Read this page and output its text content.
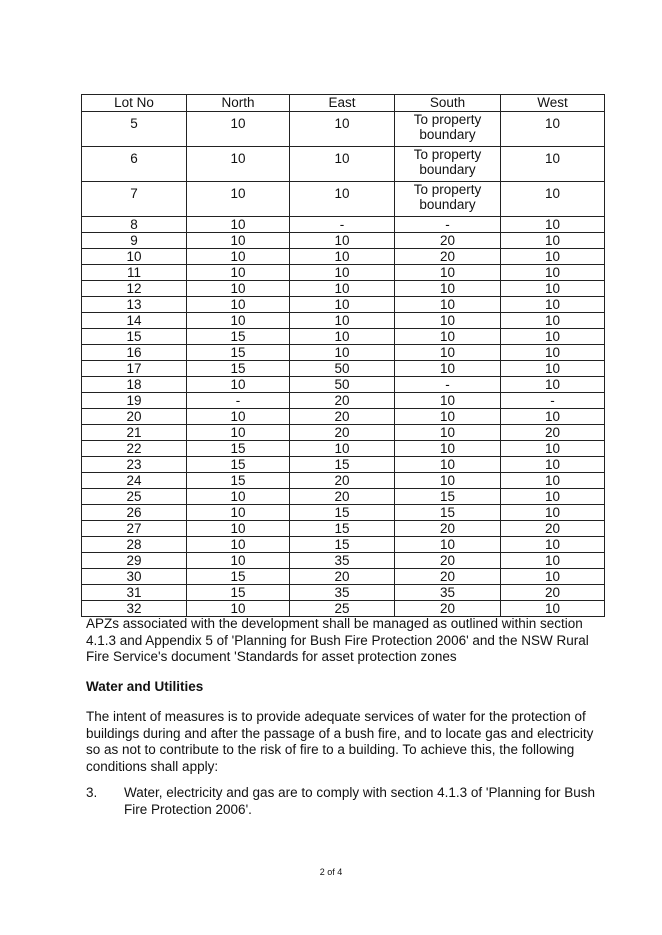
Lot No	North	East	South	West
5	10	10	To property boundary	10
6	10	10	To property boundary	10
7	10	10	To property boundary	10
8	10	-	-	10
9	10	10	20	10
10	10	10	20	10
11	10	10	10	10
12	10	10	10	10
13	10	10	10	10
14	10	10	10	10
15	15	10	10	10
16	15	10	10	10
17	15	50	10	10
18	10	50	-	10
19	-	20	10	-
20	10	20	10	10
21	10	20	10	20
22	15	10	10	10
23	15	15	10	10
24	15	20	10	10
25	10	20	15	10
26	10	15	15	10
27	10	15	20	20
28	10	15	10	10
29	10	35	20	10
30	15	20	20	10
31	15	35	35	20
32	10	25	20	10

APZs associated with the development shall be managed as outlined within section 4.1.3 and Appendix 5 of 'Planning for Bush Fire Protection 2006' and the NSW Rural Fire Service's document 'Standards for asset protection zones

Water and Utilities

The intent of measures is to provide adequate services of water for the protection of buildings during and after the passage of a bush fire, and to locate gas and electricity so as not to contribute to the risk of fire to a building. To achieve this, the following conditions shall apply:

3. Water, electricity and gas are to comply with section 4.1.3 of 'Planning for Bush Fire Protection 2006'.

2 of 4
